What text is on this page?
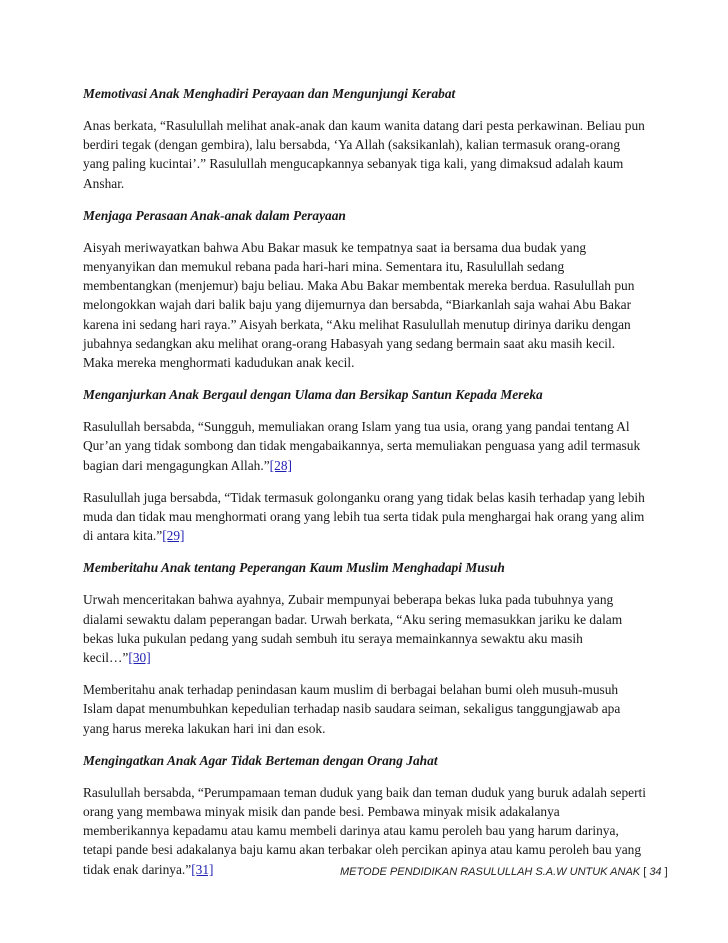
Memotivasi Anak Menghadiri Perayaan dan Mengunjungi Kerabat

Anas berkata, “Rasulullah melihat anak-anak dan kaum wanita datang dari pesta perkawinan. Beliau pun berdiri tegak (dengan gembira), lalu bersabda, ‘Ya Allah (saksikanlah), kalian termasuk orang-orang yang paling kucintai’.” Rasulullah mengucapkannya sebanyak tiga kali, yang dimaksud adalah kaum Anshar.

Menjaga Perasaan Anak-anak dalam Perayaan

Aisyah meriwayatkan bahwa Abu Bakar masuk ke tempatnya saat ia bersama dua budak yang menyanyikan dan memukul rebana pada hari-hari mina. Sementara itu, Rasulullah sedang membentangkan (menjemur) baju beliau. Maka Abu Bakar membentak mereka berdua. Rasulullah pun melongokkan wajah dari balik baju yang dijemurnya dan bersabda, “Biarkanlah saja wahai Abu Bakar karena ini sedang hari raya.” Aisyah berkata, “Aku melihat Rasulullah menutup dirinya dariku dengan jubahnya sedangkan aku melihat orang-orang Habasyah yang sedang bermain saat aku masih kecil. Maka mereka menghormati kadudukan anak kecil.

Menganjurkan Anak Bergaul dengan Ulama dan Bersikap Santun Kepada Mereka

Rasulullah bersabda, “Sungguh, memuliakan orang Islam yang tua usia, orang yang pandai tentang Al Qur’an yang tidak sombong dan tidak mengabaikannya, serta memuliakan penguasa yang adil termasuk bagian dari mengagungkan Allah.”[28]

Rasulullah juga bersabda, “Tidak termasuk golonganku orang yang tidak belas kasih terhadap yang lebih muda dan tidak mau menghormati orang yang lebih tua serta tidak pula menghargai hak orang yang alim di antara kita.”[29]

Memberitahu Anak tentang Peperangan Kaum Muslim Menghadapi Musuh

Urwah menceritakan bahwa ayahnya, Zubair mempunyai beberapa bekas luka pada tubuhnya yang dialami sewaktu dalam peperangan badar. Urwah berkata, “Aku sering memasukkan jariku ke dalam bekas luka pukulan pedang yang sudah sembuh itu seraya memainkannya sewaktu aku masih kecil…”[30]

Memberitahu anak terhadap penindasan kaum muslim di berbagai belahan bumi oleh musuh-musuh Islam dapat menumbuhkan kepedulian terhadap nasib saudara seiman, sekaligus tanggungjawab apa yang harus mereka lakukan hari ini dan esok.

Mengingatkan Anak Agar Tidak Berteman dengan Orang Jahat

Rasulullah bersabda, “Perumpamaan teman duduk yang baik dan teman duduk yang buruk adalah seperti orang yang membawa minyak misik dan pande besi. Pembawa minyak misik adakalanya memberikannya kepadamu atau kamu membeli darinya atau kamu peroleh bau yang harum darinya, tetapi pande besi adakalanya baju kamu akan terbakar oleh percikan apinya atau kamu peroleh bau yang tidak enak darinya.”[31]	METODE PENDIDIKAN RASULULLAH S.A.W UNTUK ANAK [ 34 ]
